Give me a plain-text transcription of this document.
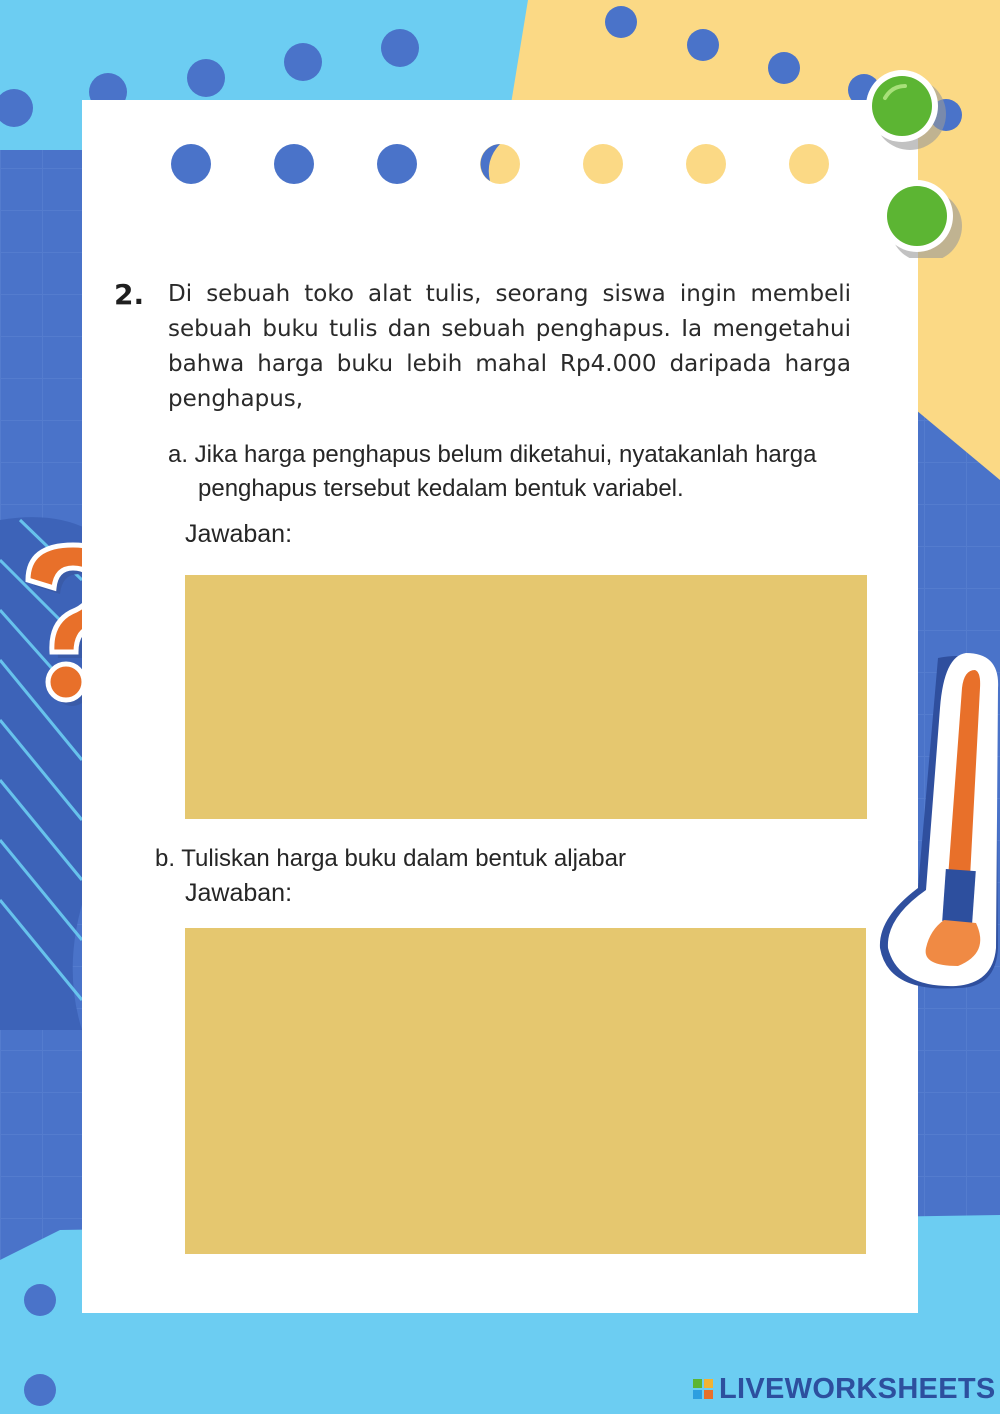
2. Di sebuah toko alat tulis, seorang siswa ingin membeli sebuah buku tulis dan sebuah penghapus. Ia mengetahui bahwa harga buku lebih mahal Rp4.000 daripada harga penghapus,

a. Jika harga penghapus belum diketahui, nyatakanlah harga
penghapus tersebut kedalam bentuk variabel.
Jawaban:
b. Tuliskan harga buku dalam bentuk aljabar
Jawaban:
LIVEWORKSHEETS
